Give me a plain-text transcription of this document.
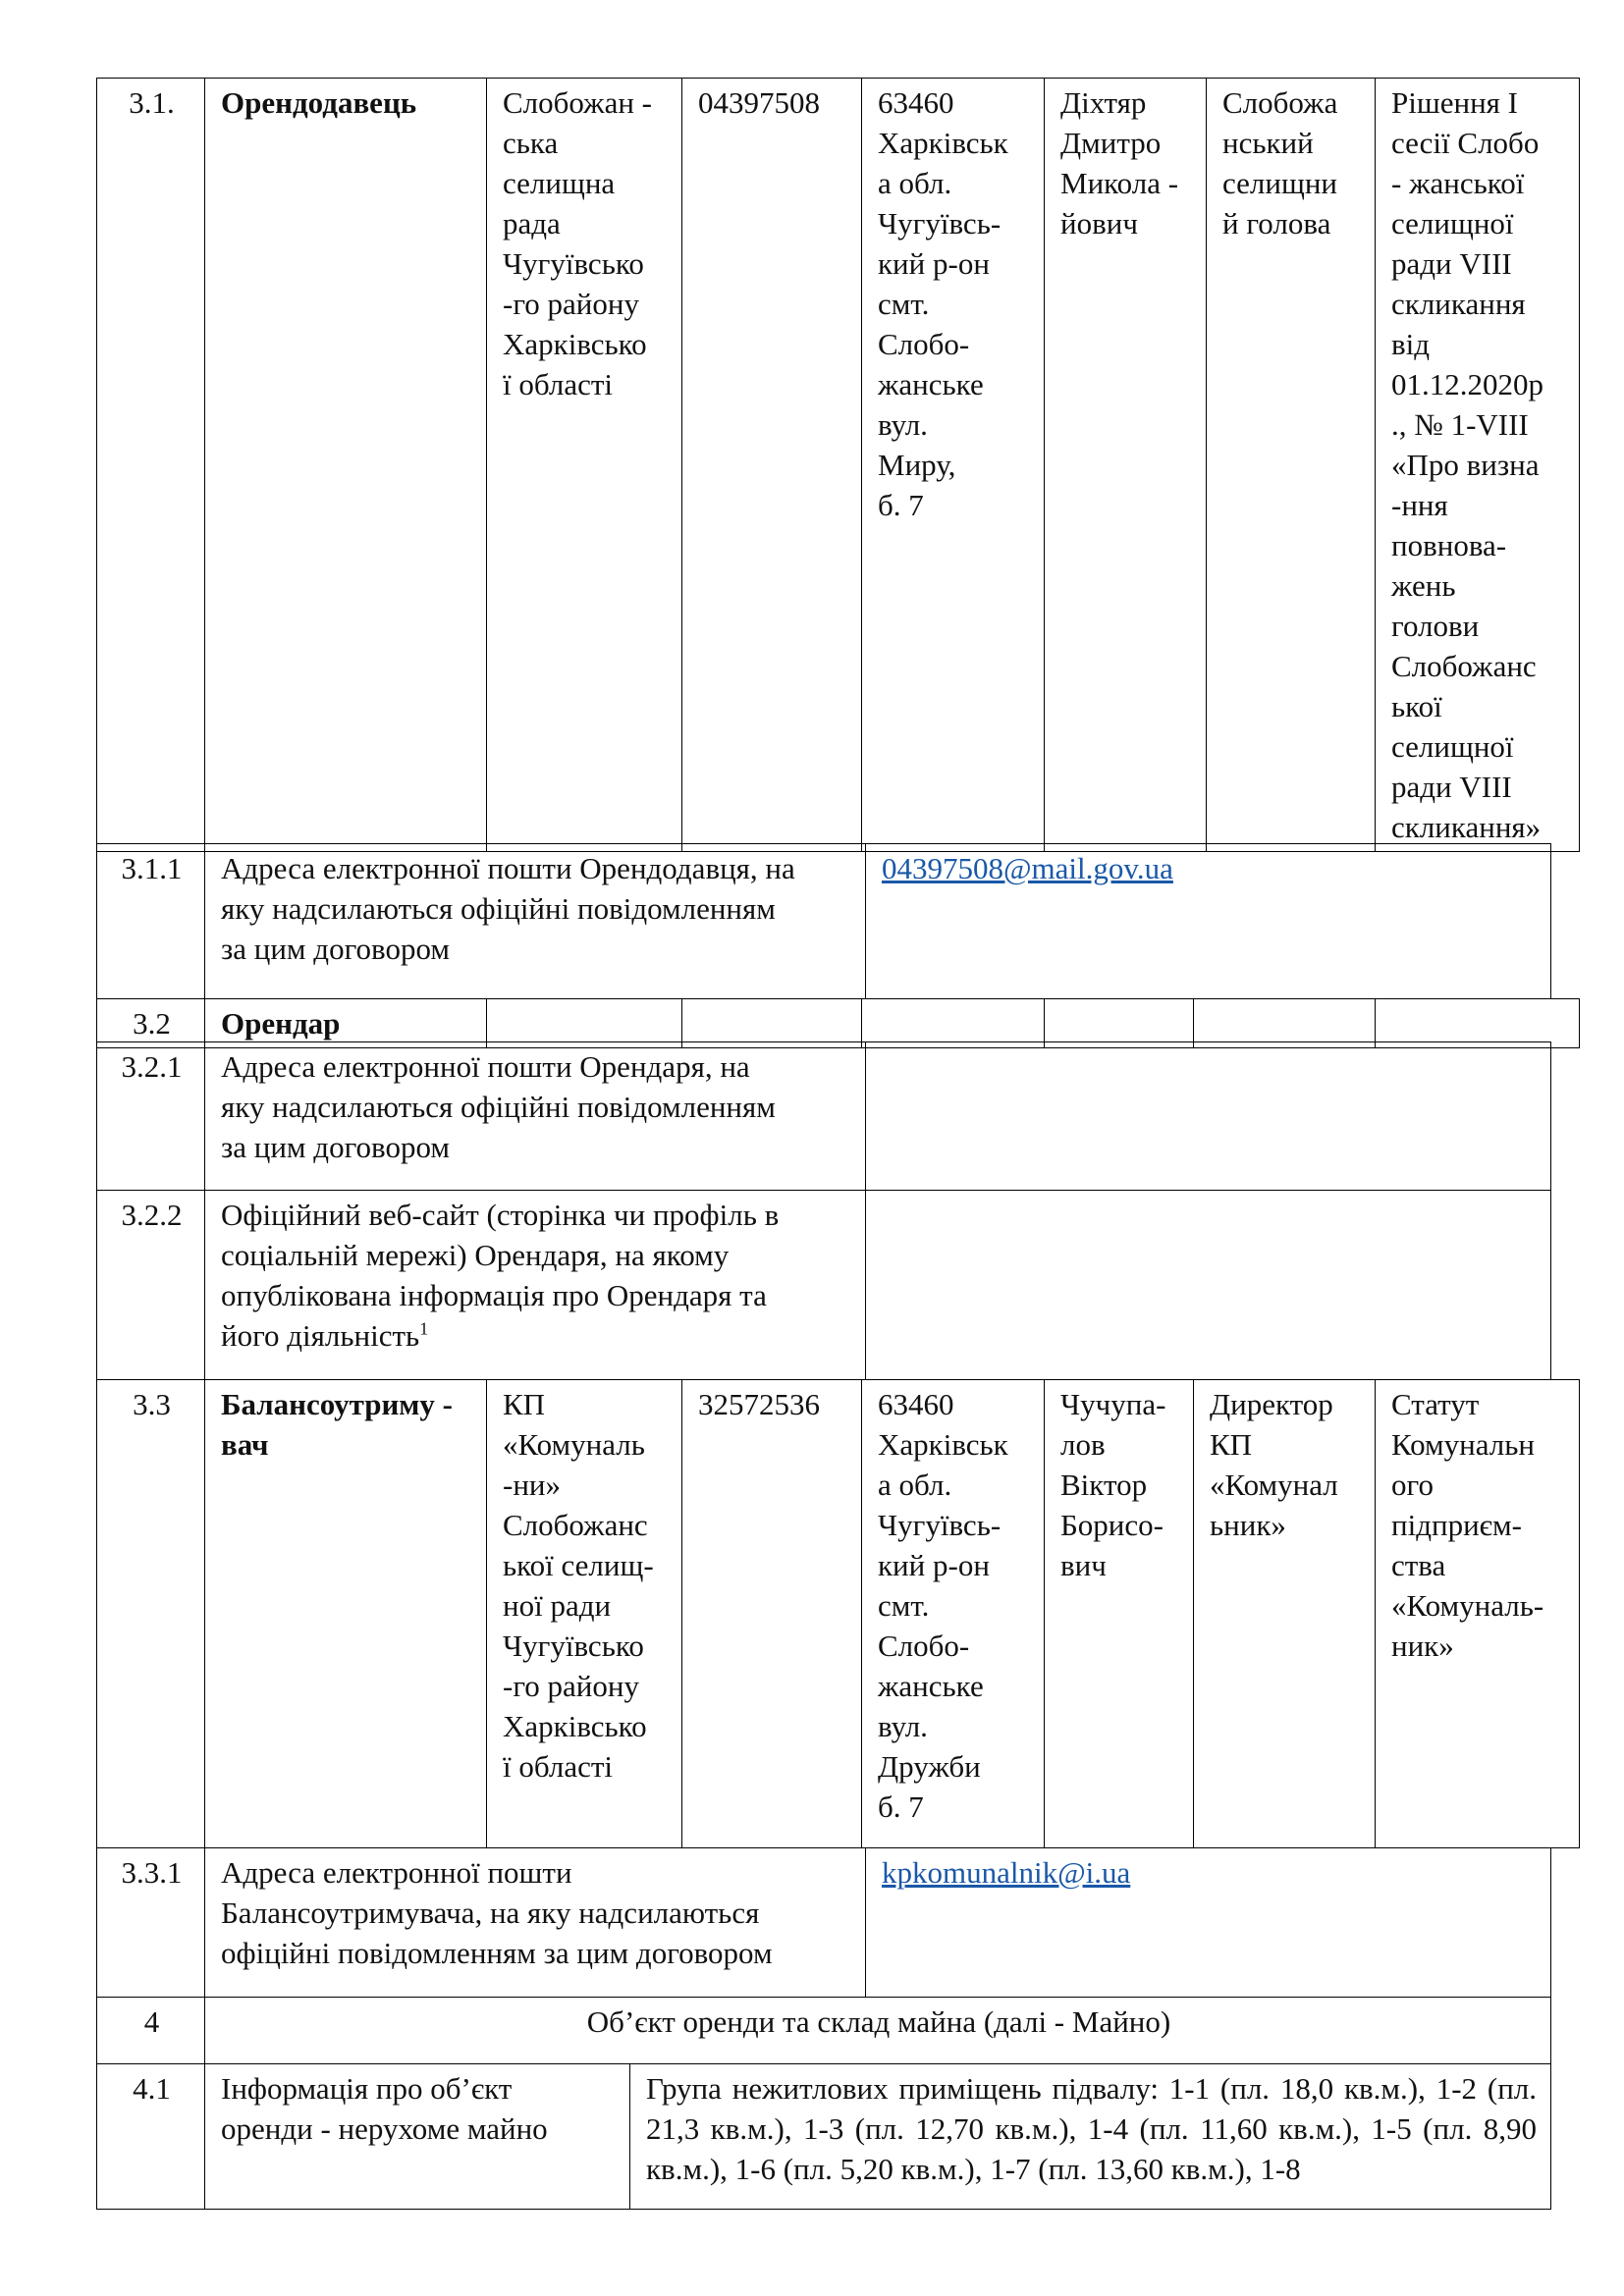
3.1.	Орендодавець	Слобожан -
ська
селищна
рада
Чугуївсько
-го району
Харківсько
ї області	04397508	63460
Харківськ
а обл.
Чугуївсь-
кий р-он
смт.
Слобо-
жанське
вул.
Миру,
б. 7	Діхтяр
Дмитро
Микола -
йович	Слобожа
нський
селищни
й голова	Рішення I
сесії Слобо
- жанської
селищної
ради VIII
скликання
від
01.12.2020р
., № 1-VIII
«Про визна
-ння
повнова-
жень
голови
Слобожанс
ької
селищної
ради VIII
скликання»
3.1.1	Адреса електронної пошти Орендодавця, на
яку надсилаються офіційні повідомленням
за цим договором	04397508@mail.gov.ua
3.2	Орендар						
3.2.1	Адреса електронної пошти Орендаря, на
яку надсилаються офіційні повідомленням
за цим договором	
3.2.2	Офіційний веб-сайт (сторінка чи профіль в
соціальній мережі) Орендаря, на якому
опублікована інформація про Орендаря та
його діяльність$^1$	
3.3	Балансоутриму -
вач	КП
«Комуналь
-ни»
Слобожанс
ької селищ-
ної ради
Чугуївсько
-го району
Харківсько
ї області	32572536	63460
Харківськ
а обл.
Чугуївсь-
кий р-он
смт.
Слобо-
жанське
вул.
Дружби
б. 7	Чучупа-
лов
Віктор
Борисо-
вич	Директор
КП
«Комунал
ьник»	Статут
Комунальн
ого
підприєм-
ства
«Комуналь-
ник»
3.3.1	Адреса електронної пошти
Балансоутримувача, на яку надсилаються
офіційні повідомленням за цим договором	kpkomunalnik@i.ua
4	Об’єкт оренди та склад майна (далі - Майно)
4.1	Інформація про об’єкт
оренди - нерухоме майно	Група нежитлових приміщень підвалу: 1-1 (пл. 18,0 кв.м.), 1-2 (пл. 21,3 кв.м.), 1-3 (пл. 12,70 кв.м.), 1-4 (пл. 11,60 кв.м.), 1-5 (пл. 8,90 кв.м.), 1-6 (пл. 5,20 кв.м.), 1-7 (пл. 13,60 кв.м.), 1-8
